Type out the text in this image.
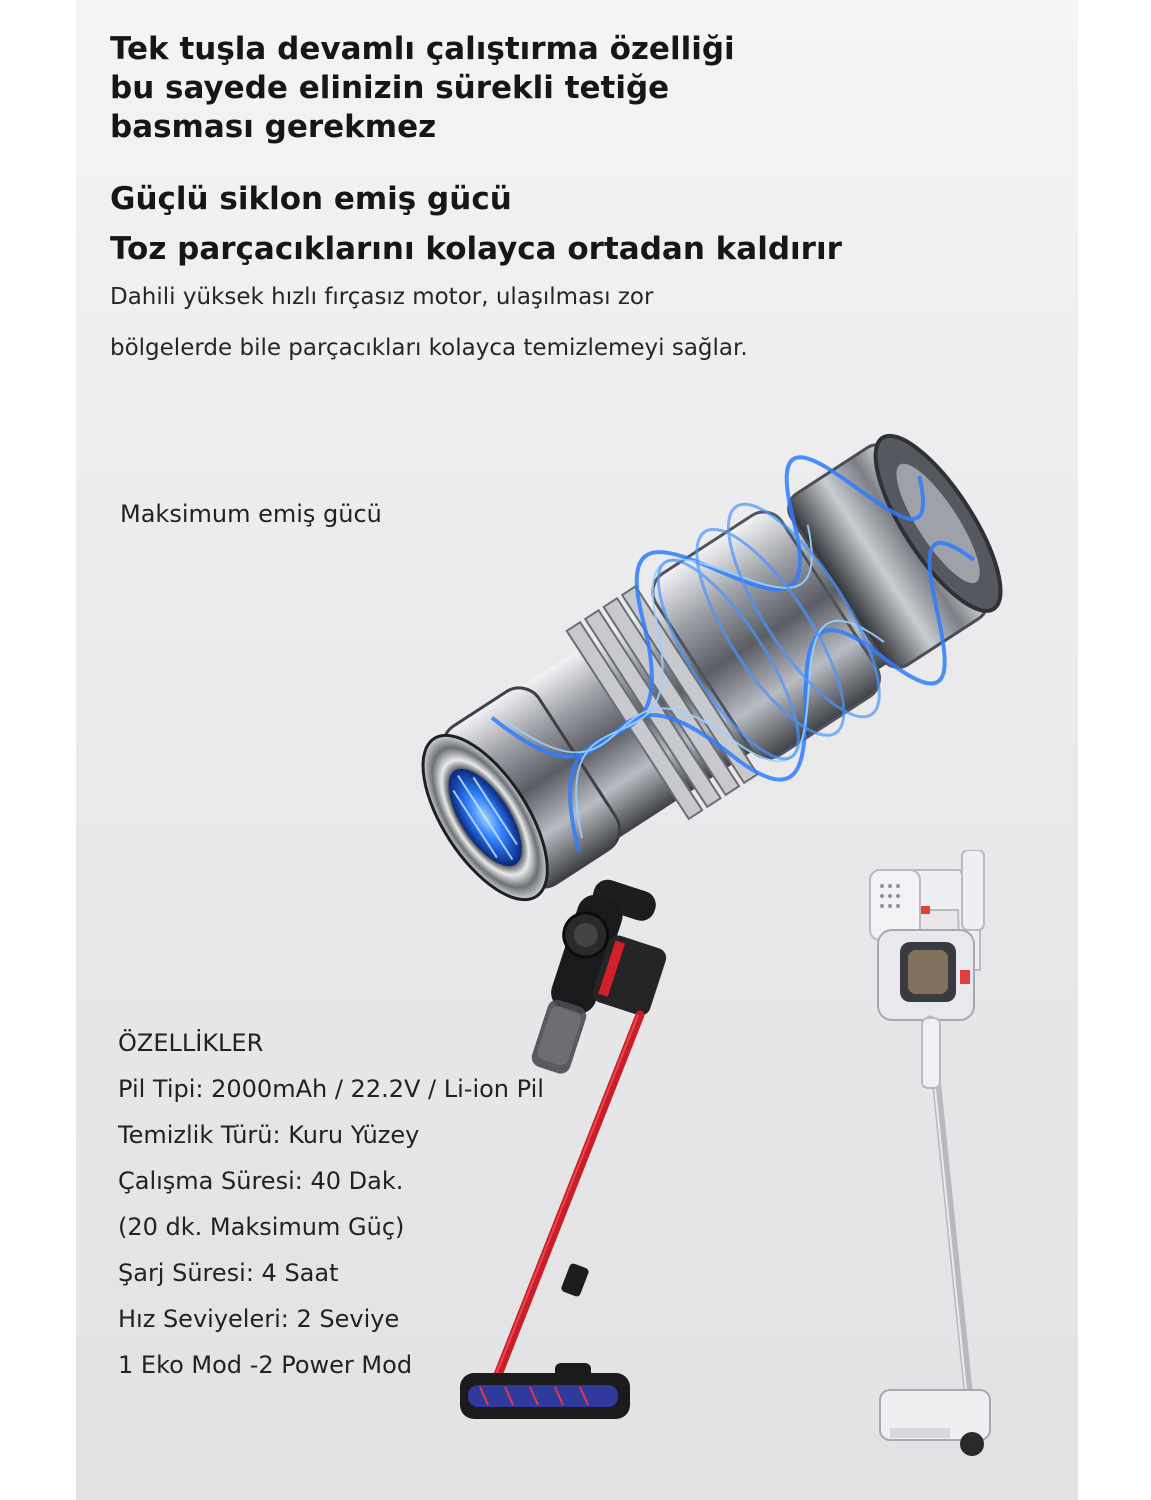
Tek tuşla devamlı çalıştırma özelliği
bu sayede elinizin sürekli tetiğe
basması gerekmez
Güçlü siklon emiş gücü
Toz parçacıklarını kolayca ortadan kaldırır

Dahili yüksek hızlı fırçasız motor, ulaşılması zor
bölgelerde bile parçacıkları kolayca temizlemeyi sağlar.

Maksimum emiş gücü
ÖZELLİKLER
Pil Tipi: 2000mAh / 22.2V / Li-ion Pil
Temizlik Türü: Kuru Yüzey
Çalışma Süresi: 40 Dak.
(20 dk. Maksimum Güç)
Şarj Süresi: 4 Saat
Hız Seviyeleri: 2 Seviye
1 Eko Mod -2 Power Mod
